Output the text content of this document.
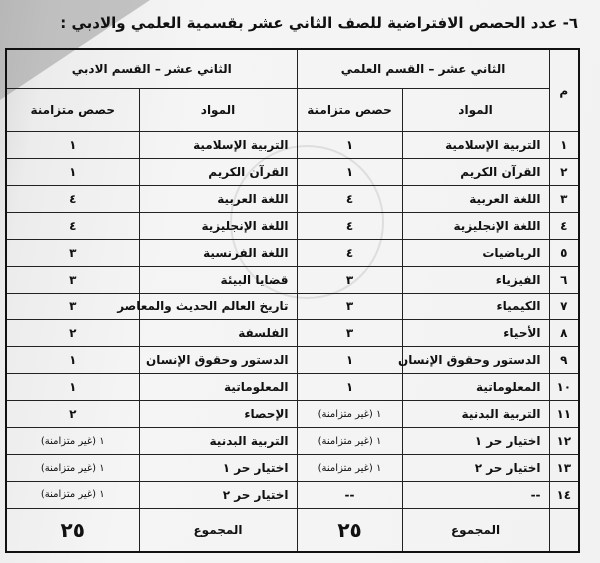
٦- عدد الحصص الافتراضية للصف الثاني عشر بقسمية العلمي والادبي :
م	الثاني عشر – القسم العلمي		الثاني عشر – القسم الادبي	
	المواد	حصص متزامنة	المواد	حصص متزامنة
١	التربية الإسلامية	١	التربية الإسلامية	١
٢	القرآن الكريم	١	القرآن الكريم	١
٣	اللغة العربية	٤	اللغة العربية	٤
٤	اللغة الإنجليزية	٤	اللغة الإنجليزية	٤
٥	الرياضيات	٤	اللغة الفرنسية	٣
٦	الفيزياء	٣	قضايا البيئة	٣
٧	الكيمياء	٣	تاريخ العالم الحديث والمعاصر	٣
٨	الأحياء	٣	الفلسفة	٢
٩	الدستور وحقوق الإنسان	١	الدستور وحقوق الإنسان	١
١٠	المعلوماتية	١	المعلوماتية	١
١١	التربية البدنية	١ (غير متزامنة)	الإحصاء	٢
١٢	اختيار حر ١	١ (غير متزامنة)	التربية البدنية	١ (غير متزامنة)
١٣	اختيار حر ٢	١ (غير متزامنة)	اختيار حر ١	١ (غير متزامنة)
١٤	--	--	اختيار حر ٢	١ (غير متزامنة)
	المجموع	٢٥	المجموع	٢٥
